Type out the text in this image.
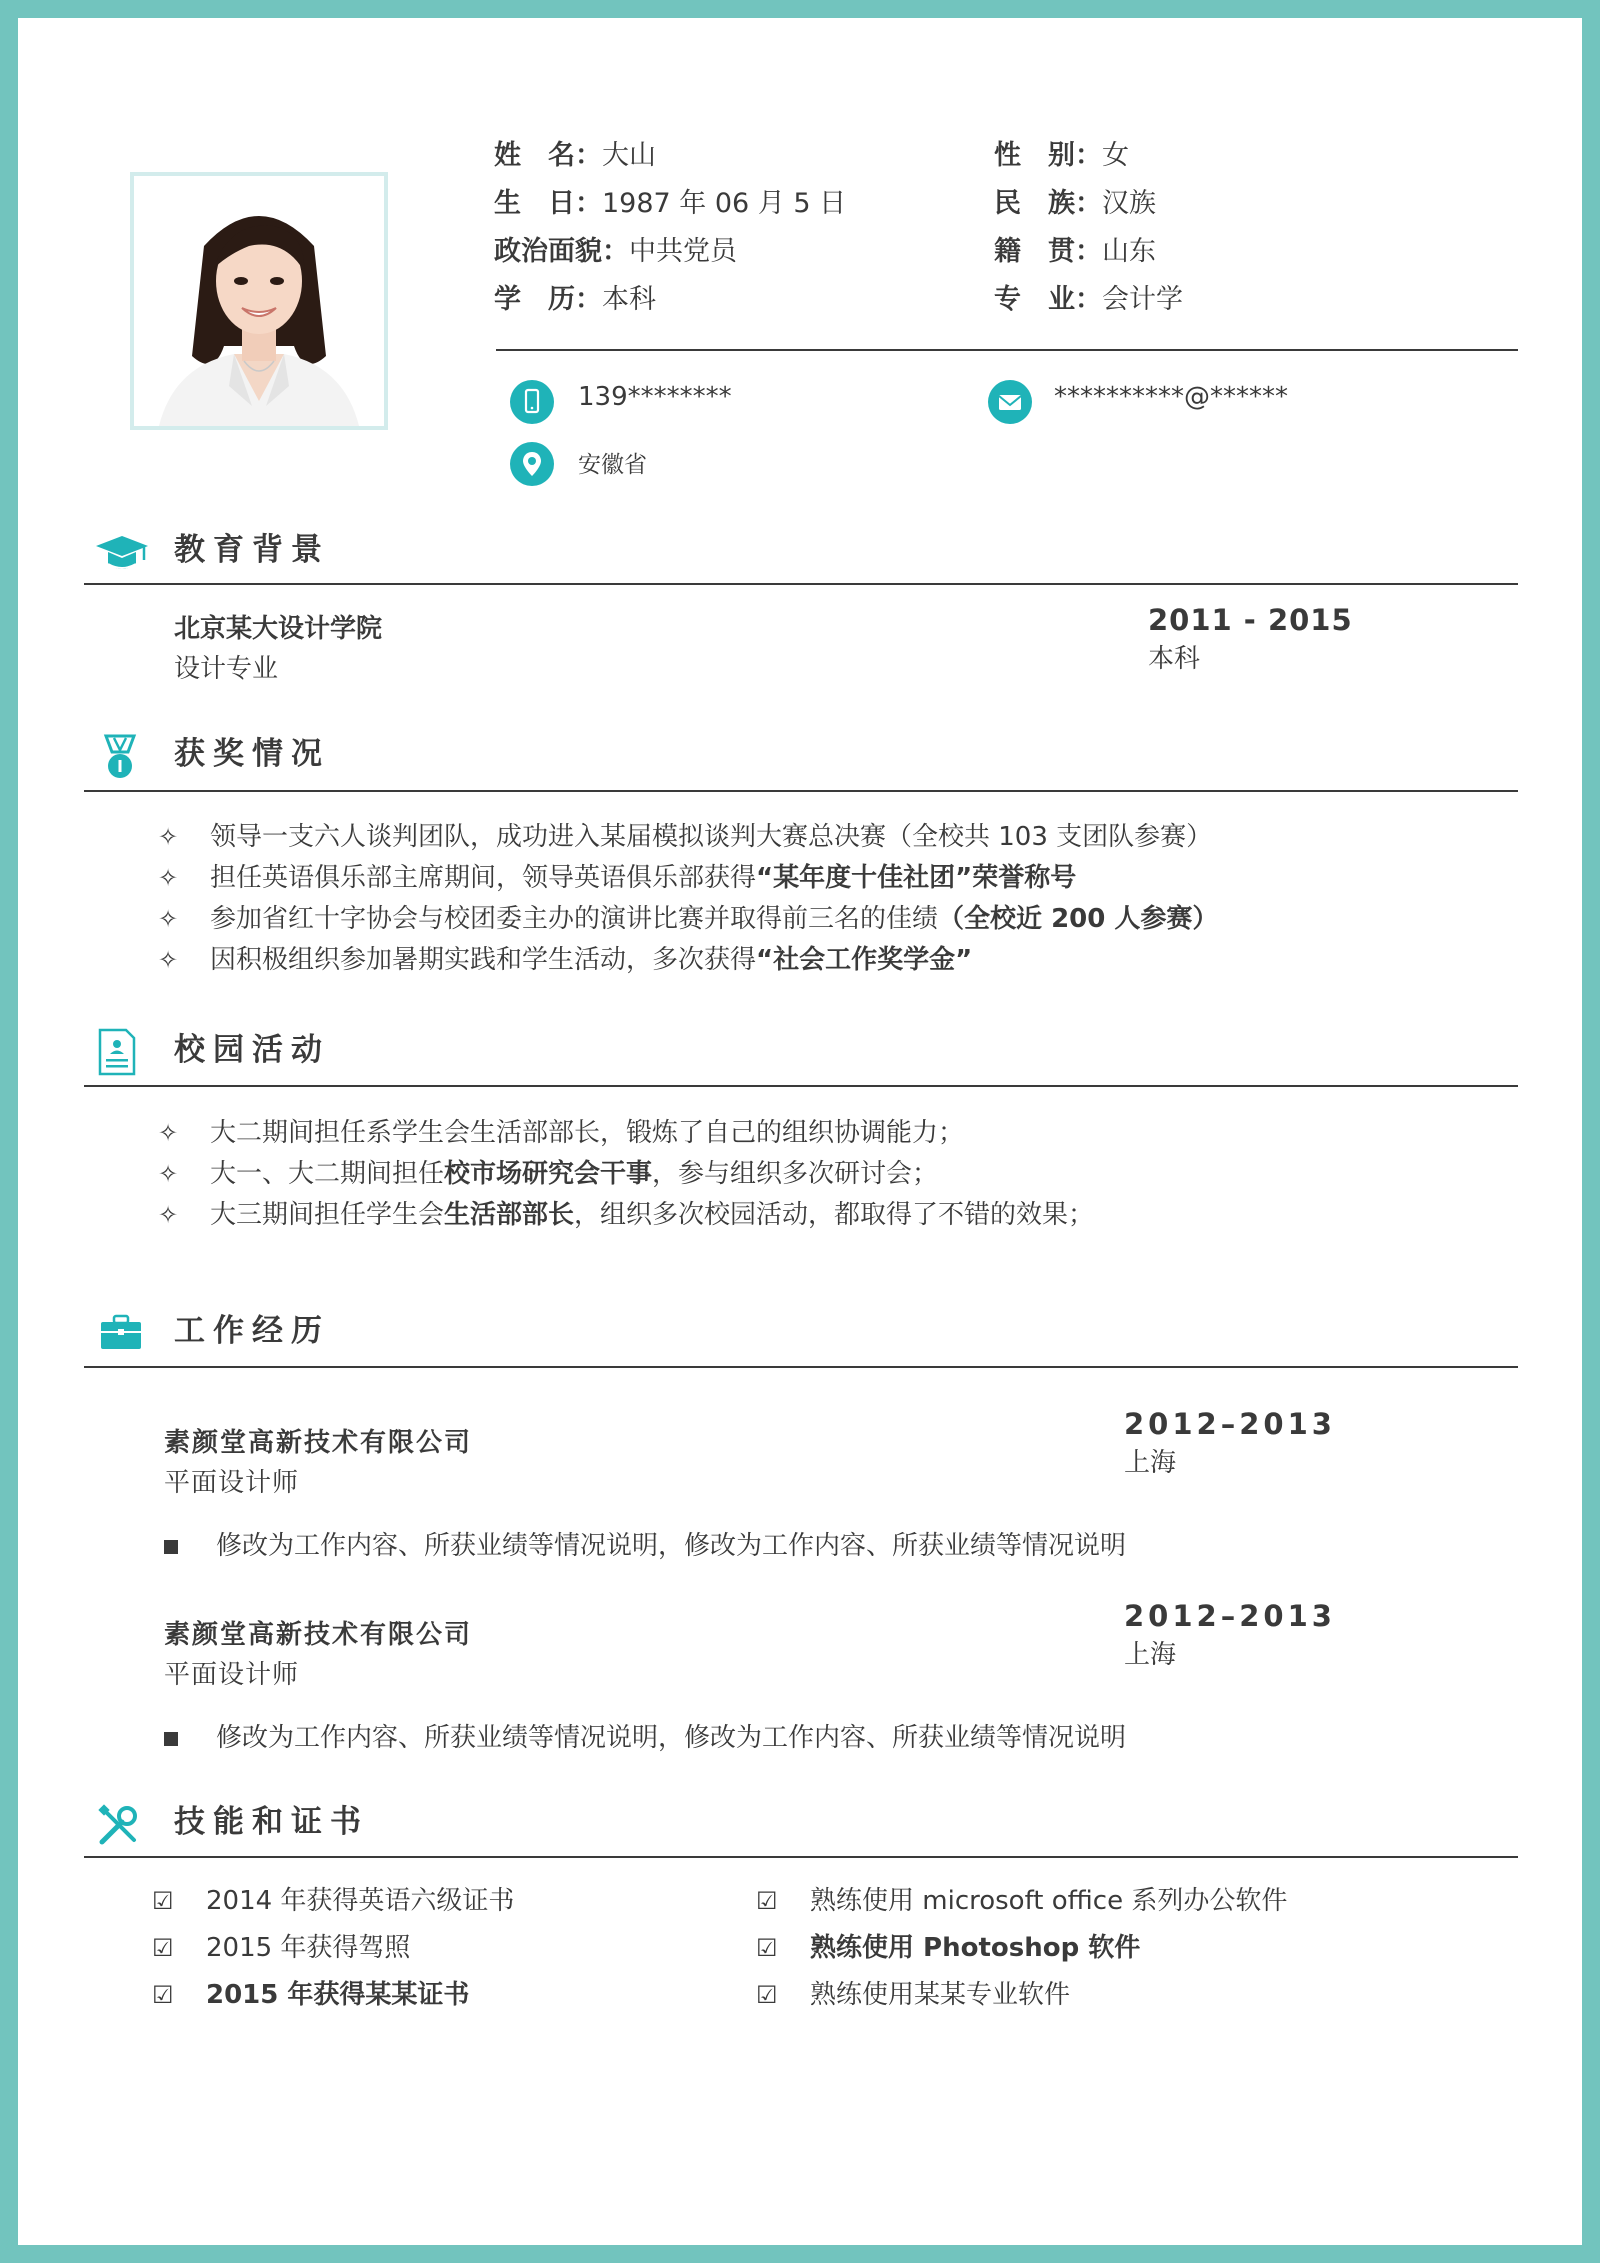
姓　名：大山	性　别：女
生　日：1987 年 06 月 5 日	民　族：汉族
政治面貌：中共党员	籍　贯：山东
学　历：本科	专　业：会计学
139********	**********@******
安徽省
教育背景
北京某大设计学院
设计专业
2011 - 2015
本科
获奖情况
✧ 领导一支六人谈判团队，成功进入某届模拟谈判大赛总决赛（全校共 103 支团队参赛）
✧ 担任英语俱乐部主席期间，领导英语俱乐部获得“某年度十佳社团”荣誉称号
✧ 参加省红十字协会与校团委主办的演讲比赛并取得前三名的佳绩（全校近 200 人参赛）
✧ 因积极组织参加暑期实践和学生活动，多次获得“社会工作奖学金”
校园活动
✧ 大二期间担任系学生会生活部部长，锻炼了自己的组织协调能力；
✧ 大一、大二期间担任校市场研究会干事，参与组织多次研讨会；
✧ 大三期间担任学生会生活部部长，组织多次校园活动，都取得了不错的效果；
工作经历
素颜堂高新技术有限公司
平面设计师
2012–2013
上海
修改为工作内容、所获业绩等情况说明，修改为工作内容、所获业绩等情况说明
素颜堂高新技术有限公司
平面设计师
2012–2013
上海
修改为工作内容、所获业绩等情况说明，修改为工作内容、所获业绩等情况说明
技能和证书
☑ 2014 年获得英语六级证书
☑ 2015 年获得驾照
☑ 2015 年获得某某证书
☑ 熟练使用 microsoft office 系列办公软件
☑ 熟练使用 Photoshop 软件
☑ 熟练使用某某专业软件
